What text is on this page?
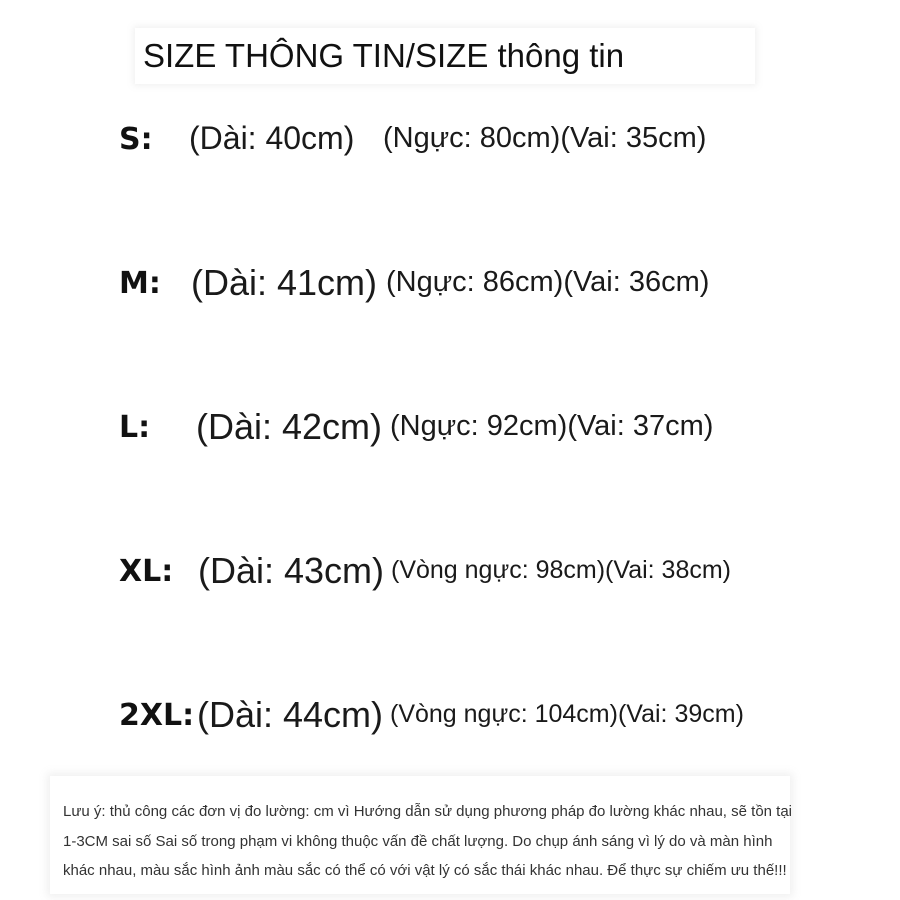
SIZE THÔNG TIN/SIZE thông tin
S: (Dài: 40cm) (Ngực: 80cm)(Vai: 35cm)
M: (Dài: 41cm) (Ngực: 86cm)(Vai: 36cm)
L: (Dài: 42cm) (Ngực: 92cm)(Vai: 37cm)
XL: (Dài: 43cm) (Vòng ngực: 98cm)(Vai: 38cm)
2XL: (Dài: 44cm) (Vòng ngực: 104cm)(Vai: 39cm)
Lưu ý: thủ công các đơn vị đo lường: cm vì Hướng dẫn sử dụng phương pháp đo lường khác nhau, sẽ tồn tại 1-3CM sai số Sai số trong phạm vi không thuộc vấn đề chất lượng. Do chụp ánh sáng vì lý do và màn hình khác nhau, màu sắc hình ảnh màu sắc có thể có với vật lý có sắc thái khác nhau. Để thực sự chiếm ưu thế!!!
